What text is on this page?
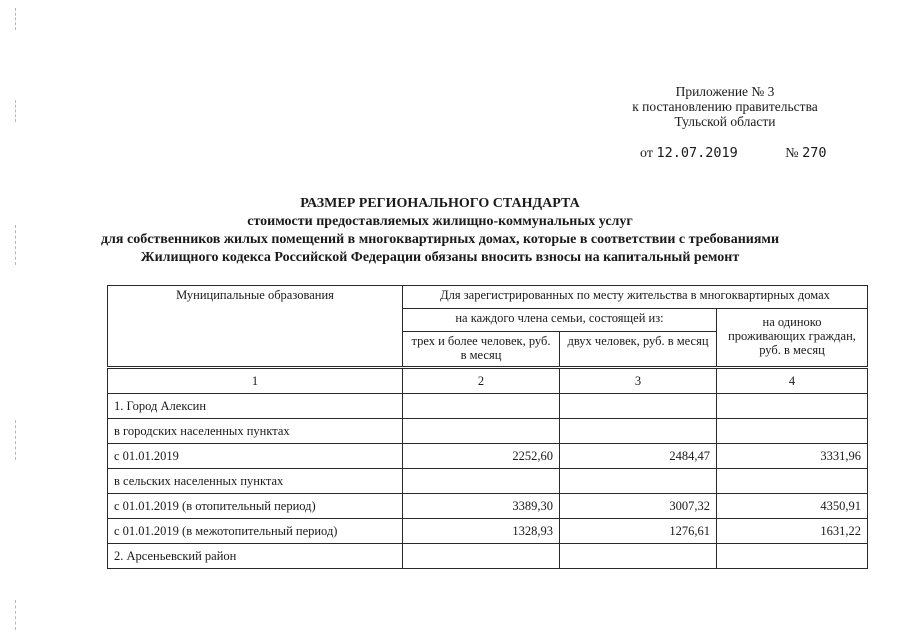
Приложение № 3
к постановлению правительства
Тульской области
от 12.07.2019	№ 270
РАЗМЕР РЕГИОНАЛЬНОГО СТАНДАРТА
стоимости предоставляемых жилищно-коммунальных услуг
для собственников жилых помещений в многоквартирных домах, которые в соответствии с требованиями
Жилищного кодекса Российской Федерации обязаны вносить взносы на капитальный ремонт
Муниципальные образования	Для зарегистрированных по месту жительства в многоквартирных домах		
	на каждого члена семьи, состоящей из:		на одиноко проживающих граждан, руб. в месяц
	трех и более человек, руб. в месяц	двух человек, руб. в месяц	
1	2	3	4
1. Город Алексин			
в городских населенных пунктах			
с 01.01.2019	2252,60	2484,47	3331,96
в сельских населенных пунктах			
с 01.01.2019 (в отопительный период)	3389,30	3007,32	4350,91
с 01.01.2019 (в межотопительный период)	1328,93	1276,61	1631,22
2. Арсеньевский район			
